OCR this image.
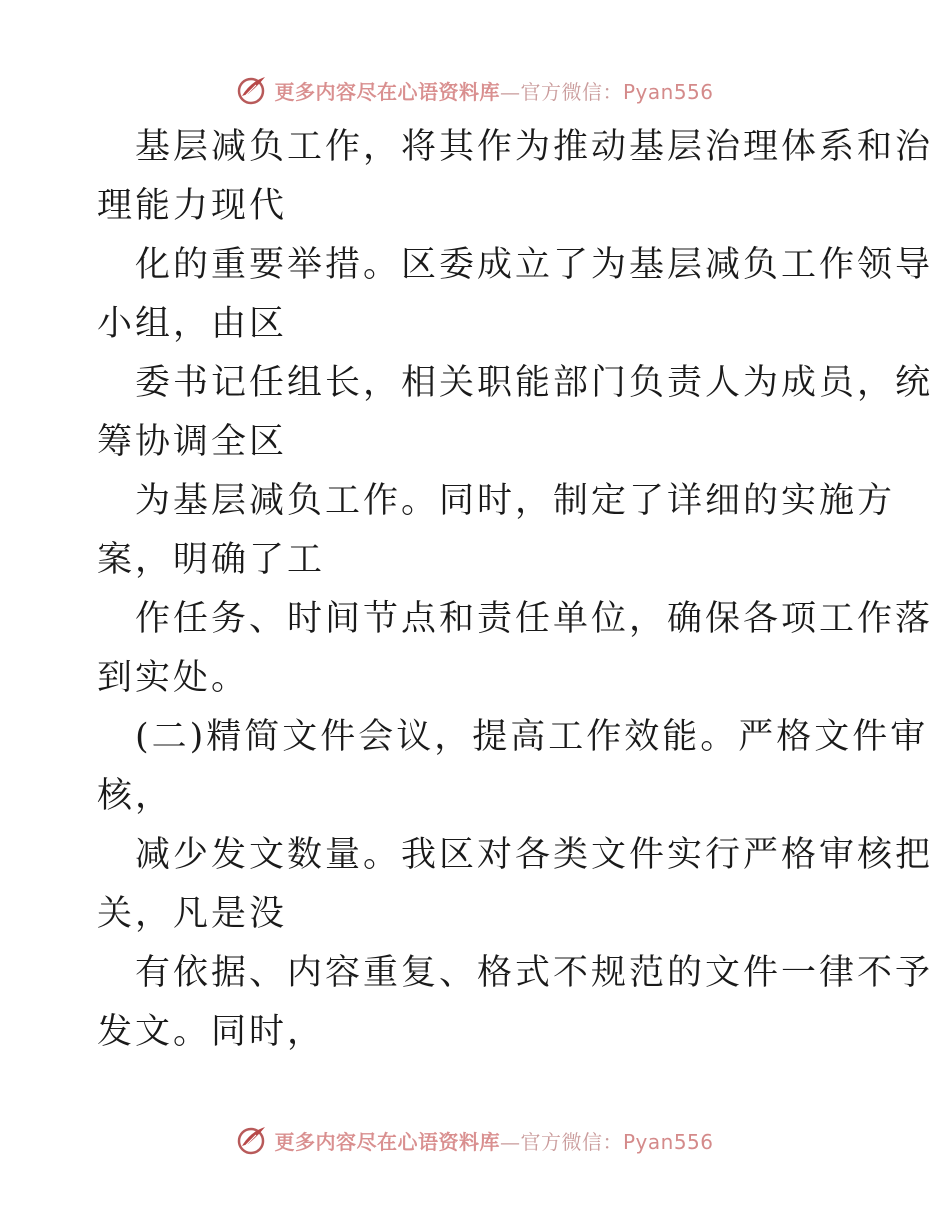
更多内容尽在心语资料库—官方微信：Pyan556
基层减负工作，将其作为推动基层治理体系和治
理能力现代
化的重要举措。区委成立了为基层减负工作领导
小组，由区
委书记任组长，相关职能部门负责人为成员，统
筹协调全区
为基层减负工作。同时，制定了详细的实施方
案，明确了工
作任务、时间节点和责任单位，确保各项工作落
到实处。
(二)精简文件会议，提高工作效能。严格文件审
核，
减少发文数量。我区对各类文件实行严格审核把
关，凡是没
有依据、内容重复、格式不规范的文件一律不予
发文。同时，
更多内容尽在心语资料库—官方微信：Pyan556
